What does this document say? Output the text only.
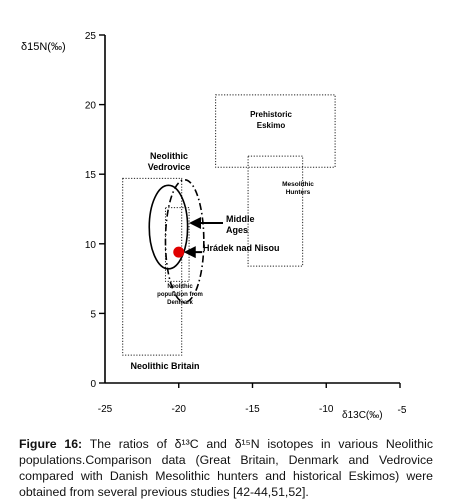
0
5
10
15
20
25
-25	-20	-15	-10	-5
δ15N(‰)
δ13C(‰)
Neolithic
Vedrovice
Prehistoric
Eskimo
Mesolithic
Hunters
Middle
Ages
Hrádek nad Nisou
Neolithic
population from
Denmark
Neolithic Britain
Figure 16: The ratios of δ¹³C and δ¹⁵N isotopes in various Neolithic populations.Comparison data (Great Britain, Denmark and Vedrovice compared with Danish Mesolithic hunters and historical Eskimos) were obtained from several previous studies [42-44,51,52].
